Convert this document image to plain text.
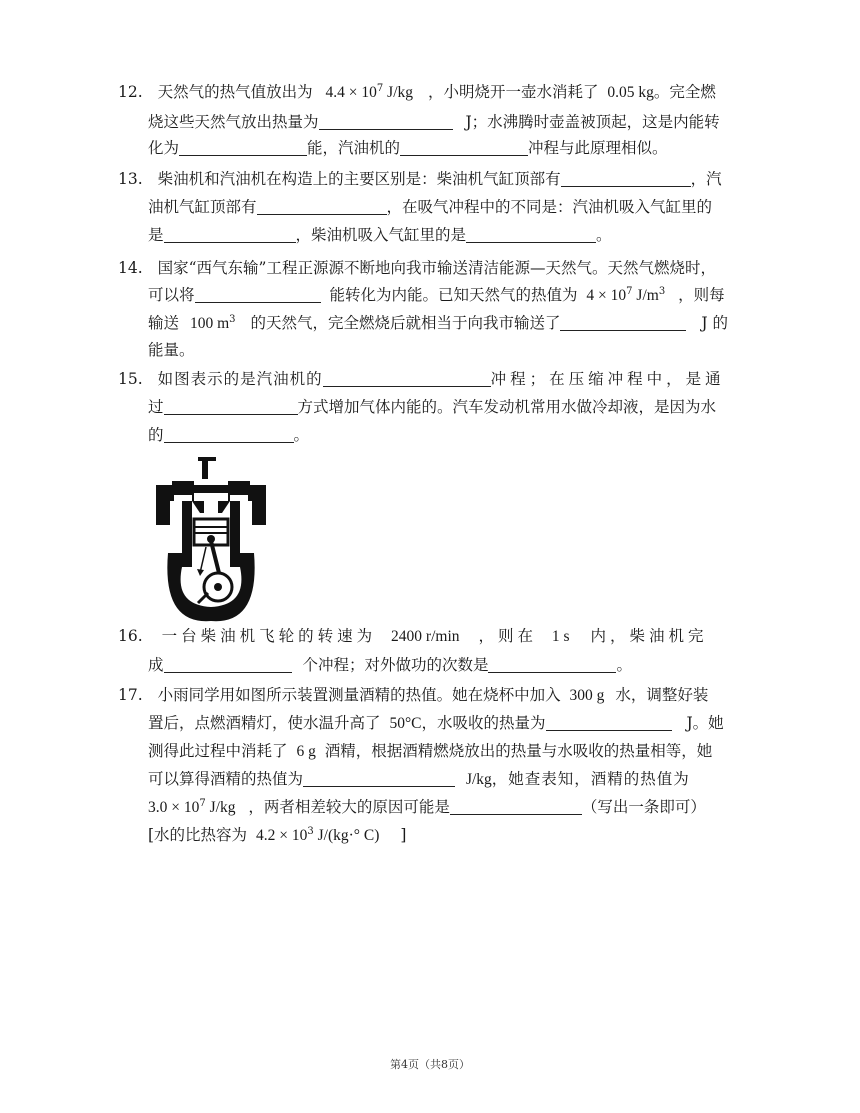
12. 天然气的热气值放出为 $4.4 \times 10^7$ J/kg ，小明烧开一壶水消耗了 0.05 kg。完全燃
烧这些天然气放出热量为	J；水沸腾时壶盖被顶起，这是内能转
化为	能，汽油机的	冲程与此原理相似。
13. 柴油机和汽油机在构造上的主要区别是：柴油机气缸顶部有	，汽
油机气缸顶部有	，在吸气冲程中的不同是：汽油机吸入气缸里的
是	，柴油机吸入气缸里的是	。
14. 国家“西气东输”工程正源源不断地向我市输送清洁能源—天然气。天然气燃烧时，
可以将	能转化为内能。已知天然气的热值为 $4 \times 10^7$ $J/m^3$ ，则每
输送 100 $m^3$ 的天然气，完全燃烧后就相当于向我市输送了	J 的
能量。
15. 如图表示的是汽油机的	冲程；在压缩冲程中，是通
过	方式增加气体内能的。汽车发动机常用水做冷却液，是因为水
的	。
16. 一台柴油机飞轮的转速为 2400 r/min ，则在 1 s 内，柴油机完
成	个冲程；对外做功的次数是	。
17. 小雨同学用如图所示装置测量酒精的热值。她在烧杯中加入 300 g 水，调整好装
置后，点燃酒精灯，使水温升高了 50°C，水吸收的热量为	J。她
测得此过程中消耗了 6 g 酒精，根据酒精燃烧放出的热量与水吸收的热量相等，她
可以算得酒精的热值为	J/kg，她查表知，酒精的热值为
$3.0 \times 10^7$ J/kg ，两者相差较大的原因可能是	（写出一条即可）
[水的比热容为 $4.2 \times 10^3$ J/(kg·° C) ]
第4页（共8页）
